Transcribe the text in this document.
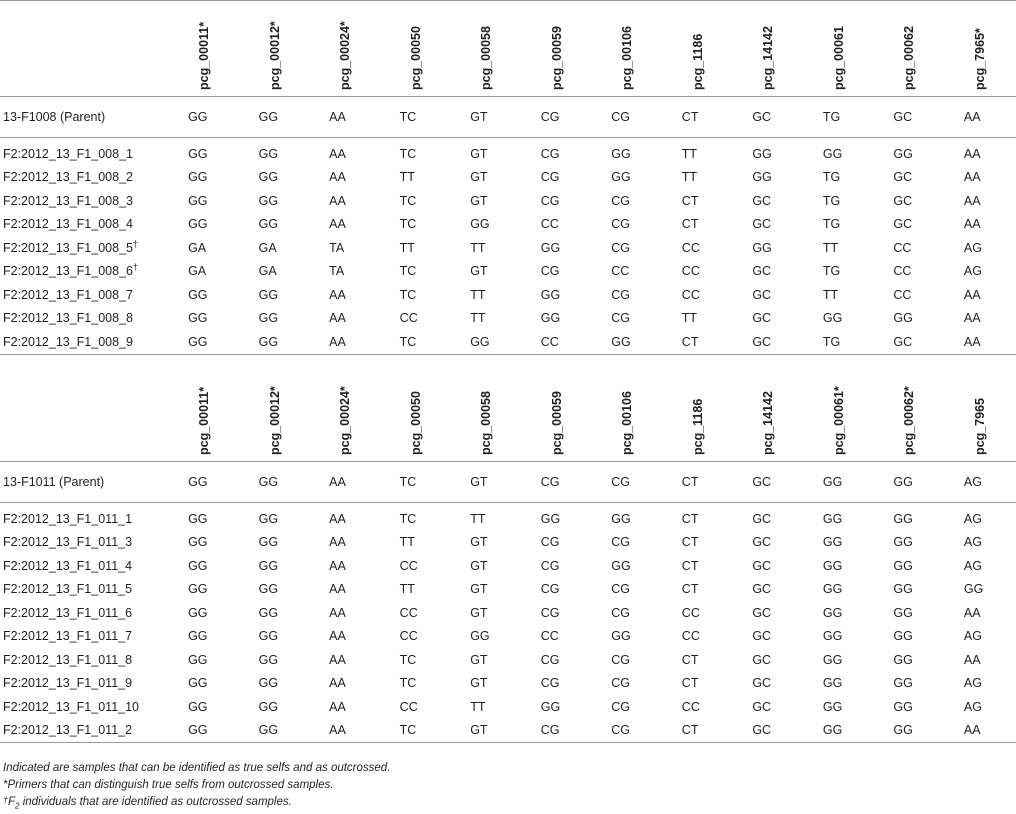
	pcg_00011*	pcg_00012*	pcg_00024*	pcg_00050	pcg_00058	pcg_00059	pcg_00106	pcg_1186	pcg_14142	pcg_00061	pcg_00062	pcg_7965*

13-F1008 (Parent)	GG	GG	AA	TC	GT	CG	CG	CT	GC	TG	GC	AA

F2:2012_13_F1_008_1	GG	GG	AA	TC	GT	CG	GG	TT	GG	GG	GG	AA
F2:2012_13_F1_008_2	GG	GG	AA	TT	GT	CG	GG	TT	GG	TG	GC	AA
F2:2012_13_F1_008_3	GG	GG	AA	TC	GT	CG	CG	CT	GC	TG	GC	AA
F2:2012_13_F1_008_4	GG	GG	AA	TC	GG	CC	CG	CT	GC	TG	GC	AA
F2:2012_13_F1_008_5†	GA	GA	TA	TT	TT	GG	CG	CC	GG	TT	CC	AG
F2:2012_13_F1_008_6†	GA	GA	TA	TC	GT	CG	CC	CC	GC	TG	CC	AG
F2:2012_13_F1_008_7	GG	GG	AA	TC	TT	GG	CG	CC	GC	TT	CC	AA
F2:2012_13_F1_008_8	GG	GG	AA	CC	TT	GG	CG	TT	GC	GG	GG	AA
F2:2012_13_F1_008_9	GG	GG	AA	TC	GG	CC	GG	CT	GC	TG	GC	AA

	pcg_00011*	pcg_00012*	pcg_00024*	pcg_00050	pcg_00058	pcg_00059	pcg_00106	pcg_1186	pcg_14142	pcg_00061*	pcg_00062*	pcg_7965

13-F1011 (Parent)	GG	GG	AA	TC	GT	CG	CG	CT	GC	GG	GG	AG

F2:2012_13_F1_011_1	GG	GG	AA	TC	TT	GG	GG	CT	GC	GG	GG	AG
F2:2012_13_F1_011_3	GG	GG	AA	TT	GT	CG	CG	CT	GC	GG	GG	AG
F2:2012_13_F1_011_4	GG	GG	AA	CC	GT	CG	GG	CT	GC	GG	GG	AG
F2:2012_13_F1_011_5	GG	GG	AA	TT	GT	CG	CG	CT	GC	GG	GG	GG
F2:2012_13_F1_011_6	GG	GG	AA	CC	GT	CG	CG	CC	GC	GG	GG	AA
F2:2012_13_F1_011_7	GG	GG	AA	CC	GG	CC	GG	CC	GC	GG	GG	AG
F2:2012_13_F1_011_8	GG	GG	AA	TC	GT	CG	CG	CT	GC	GG	GG	AA
F2:2012_13_F1_011_9	GG	GG	AA	TC	GT	CG	CG	CT	GC	GG	GG	AG
F2:2012_13_F1_011_10	GG	GG	AA	CC	TT	GG	CG	CC	GC	GG	GG	AG
F2:2012_13_F1_011_2	GG	GG	AA	TC	GT	CG	CG	CT	GC	GG	GG	AA
Indicated are samples that can be identified as true selfs and as outcrossed.
*Primers that can distinguish true selfs from outcrossed samples.
$^\dagger F_2$ individuals that are identified as outcrossed samples.
